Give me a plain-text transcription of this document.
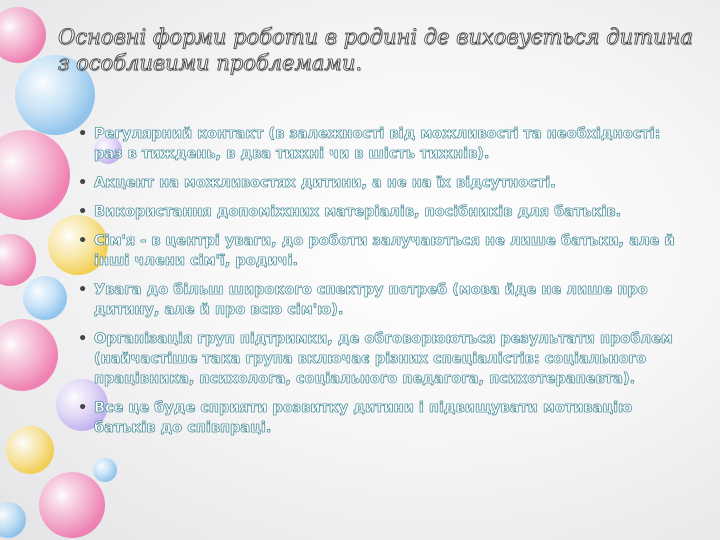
Основні форми роботи в родині де виховується дитина з особливими проблемами.
• Регулярний контакт (в залежності від можливості та необхідності: раз в тиждень, в два тижні чи в шість тижнів).
• Акцент на можливостях дитини, а не на їх відсутності.
• Використання допоміжних матеріалів, посібників для батьків.
• Сім'я - в центрі уваги, до роботи залучаються не лише батьки, але й інші члени сім'ї, родичі.
• Увага до більш широкого спектру потреб (мова йде не лише про дитину, але й про всю сім'ю).
• Організація груп підтримки, де обговорюються результати проблем (найчастіше така група включає різних спеціалістів: соціального працівника, психолога, соціального педагога, психотерапевта).
• Все це буде сприяти розвитку дитини і підвищувати мотивацію батьків до співпраці.
